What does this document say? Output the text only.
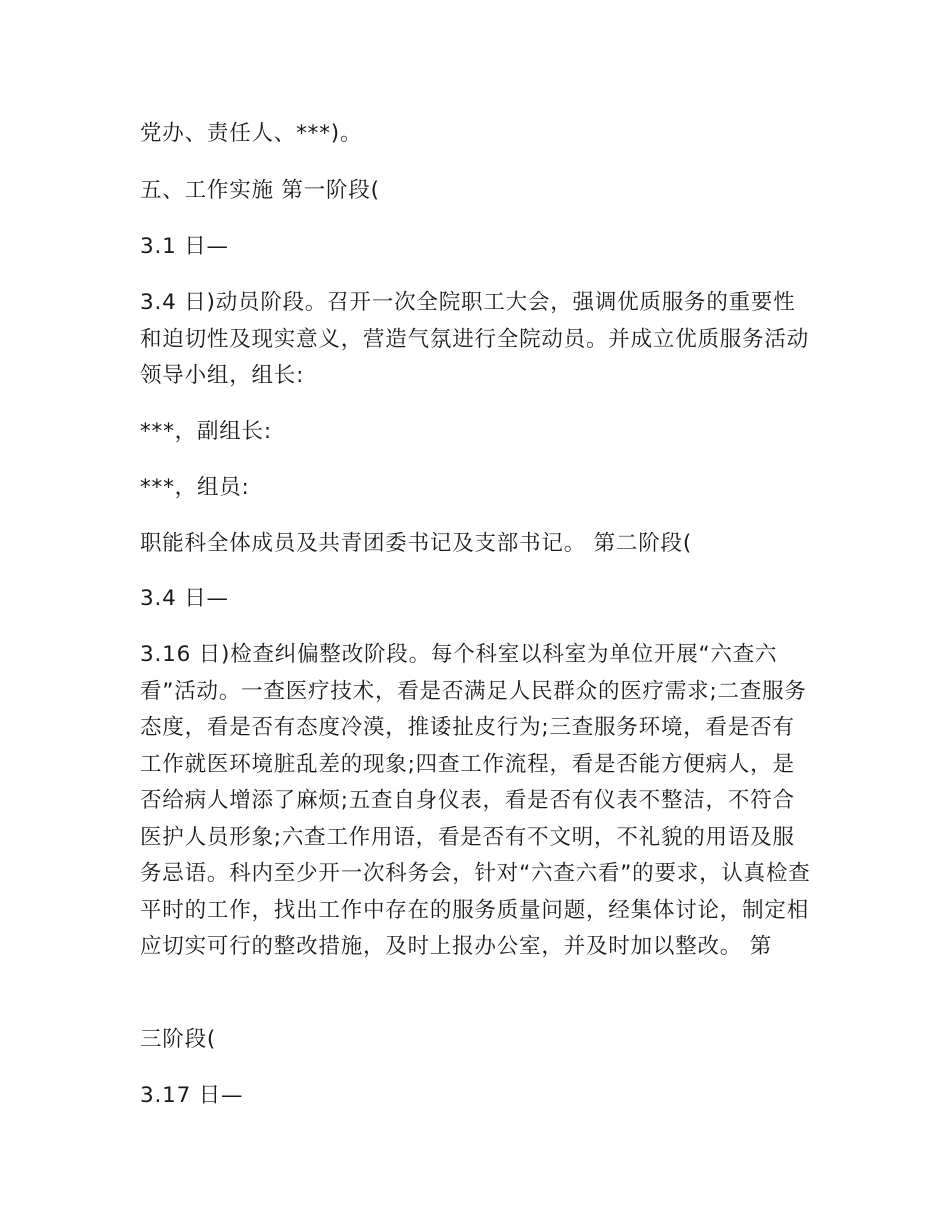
党办、责任人、***)。

五、工作实施 第一阶段(

3.1 日—

3.4 日)动员阶段。召开一次全院职工大会，强调优质服务的重要性和迫切性及现实意义，营造气氛进行全院动员。并成立优质服务活动领导小组，组长:

***，副组长:

***，组员:

职能科全体成员及共青团委书记及支部书记。 第二阶段(

3.4 日—

3.16 日)检查纠偏整改阶段。每个科室以科室为单位开展“六查六看”活动。一查医疗技术，看是否满足人民群众的医疗需求;二查服务态度，看是否有态度冷漠，推诿扯皮行为;三查服务环境，看是否有工作就医环境脏乱差的现象;四查工作流程，看是否能方便病人，是否给病人增添了麻烦;五查自身仪表，看是否有仪表不整洁，不符合医护人员形象;六查工作用语，看是否有不文明，不礼貌的用语及服务忌语。科内至少开一次科务会，针对“六查六看”的要求，认真检查平时的工作，找出工作中存在的服务质量问题，经集体讨论，制定相应切实可行的整改措施，及时上报办公室，并及时加以整改。 第

三阶段(

3.17 日—
